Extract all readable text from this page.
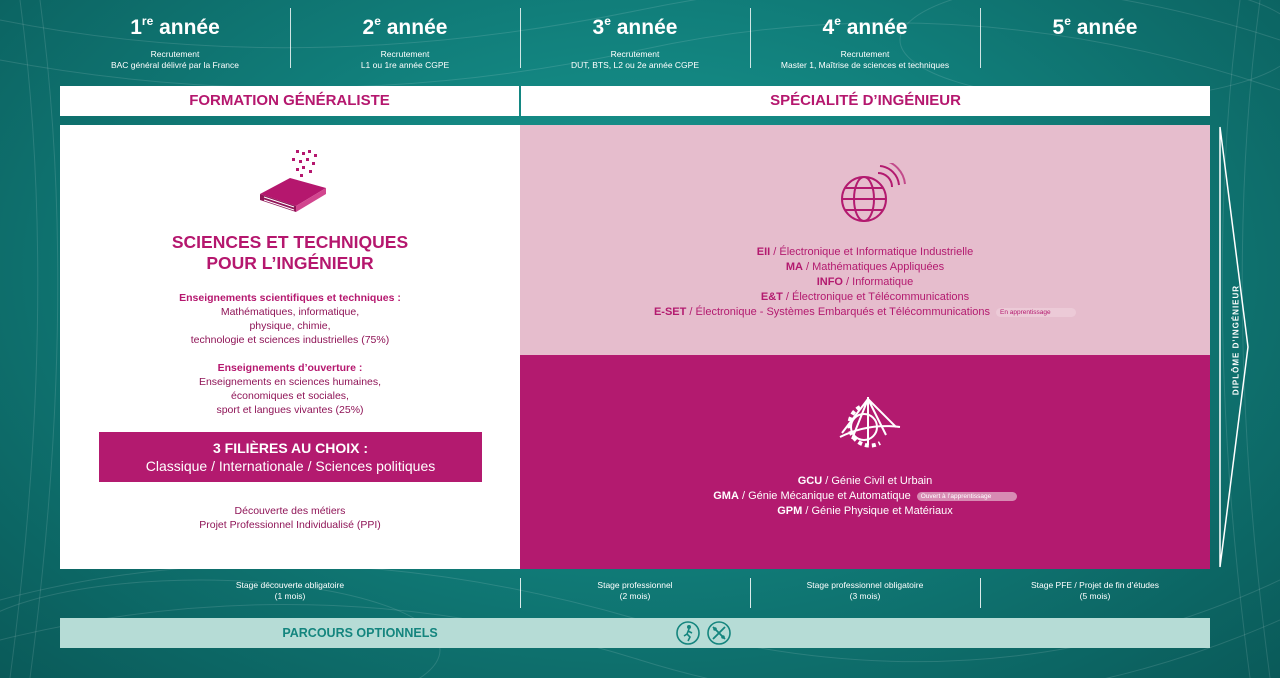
1re année
Recrutement
BAC général délivré par la France
2e année
Recrutement
L1 ou 1re année CGPE
3e année
Recrutement
DUT, BTS, L2 ou 2e année CGPE
4e année
Recrutement
Master 1, Maîtrise de sciences et techniques
5e année
FORMATION GÉNÉRALISTE	SPÉCIALITÉ D’INGÉNIEUR
SCIENCES ET TECHNIQUES
POUR L’INGÉNIEUR
Enseignements scientifiques et techniques :
Mathématiques, informatique,
physique, chimie,
technologie et sciences industrielles (75%)
Enseignements d’ouverture :
Enseignements en sciences humaines,
économiques et sociales,
sport et langues vivantes (25%)
3 FILIÈRES AU CHOIX :
Classique / Internationale / Sciences politiques
Découverte des métiers
Projet Professionnel Individualisé (PPI)
EII / Électronique et Informatique Industrielle
MA / Mathématiques Appliquées
INFO / Informatique
E&T / Électronique et Télécommunications
E-SET / Électronique - Systèmes Embarqués et Télécommunications En apprentissage
GCU / Génie Civil et Urbain
GMA / Génie Mécanique et Automatique Ouvert à l’apprentissage
GPM / Génie Physique et Matériaux
DIPLÔME D’INGÉNIEUR
Stage découverte obligatoire
(1 mois)
Stage professionnel
(2 mois)
Stage professionnel obligatoire
(3 mois)
Stage PFE / Projet de fin d’études
(5 mois)
PARCOURS OPTIONNELS
